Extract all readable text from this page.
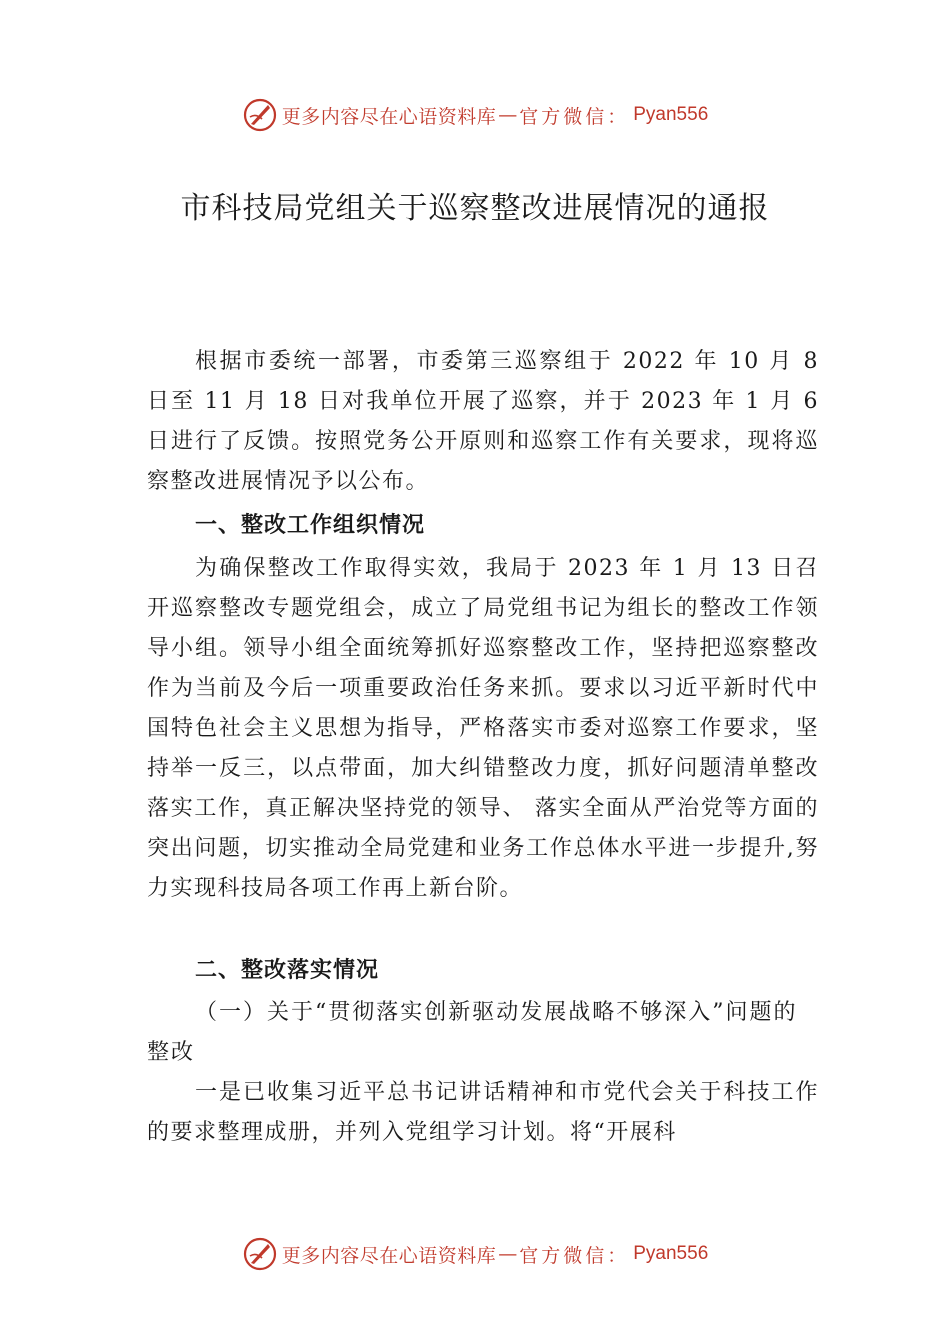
更多内容尽在心语资料库 — 官方微信： Pyan556
市科技局党组关于巡察整改进展情况的通报

根据市委统一部署，市委第三巡察组于 2022 年 10 月 8 日至 11 月 18 日对我单位开展了巡察，并于 2023 年 1 月 6 日进行了反馈。按照党务公开原则和巡察工作有关要求，现将巡察整改进展情况予以公布。

一、整改工作组织情况

为确保整改工作取得实效，我局于 2023 年 1 月 13 日召开巡察整改专题党组会，成立了局党组书记为组长的整改工作领导小组。领导小组全面统筹抓好巡察整改工作，坚持把巡察整改作为当前及今后一项重要政治任务来抓。要求以习近平新时代中国特色社会主义思想为指导，严格落实市委对巡察工作要求，坚持举一反三，以点带面，加大纠错整改力度，抓好问题清单整改落实工作，真正解决坚持党的领导、 落实全面从严治党等方面的突出问题，切实推动全局党建和业务工作总体水平进一步提升,努力实现科技局各项工作再上新台阶。

二、整改落实情况

（一）关于“贯彻落实创新驱动发展战略不够深入”问题的整改

一是已收集习近平总书记讲话精神和市党代会关于科技工作的要求整理成册，并列入党组学习计划。将“开展科

更多内容尽在心语资料库 — 官方微信： Pyan556
